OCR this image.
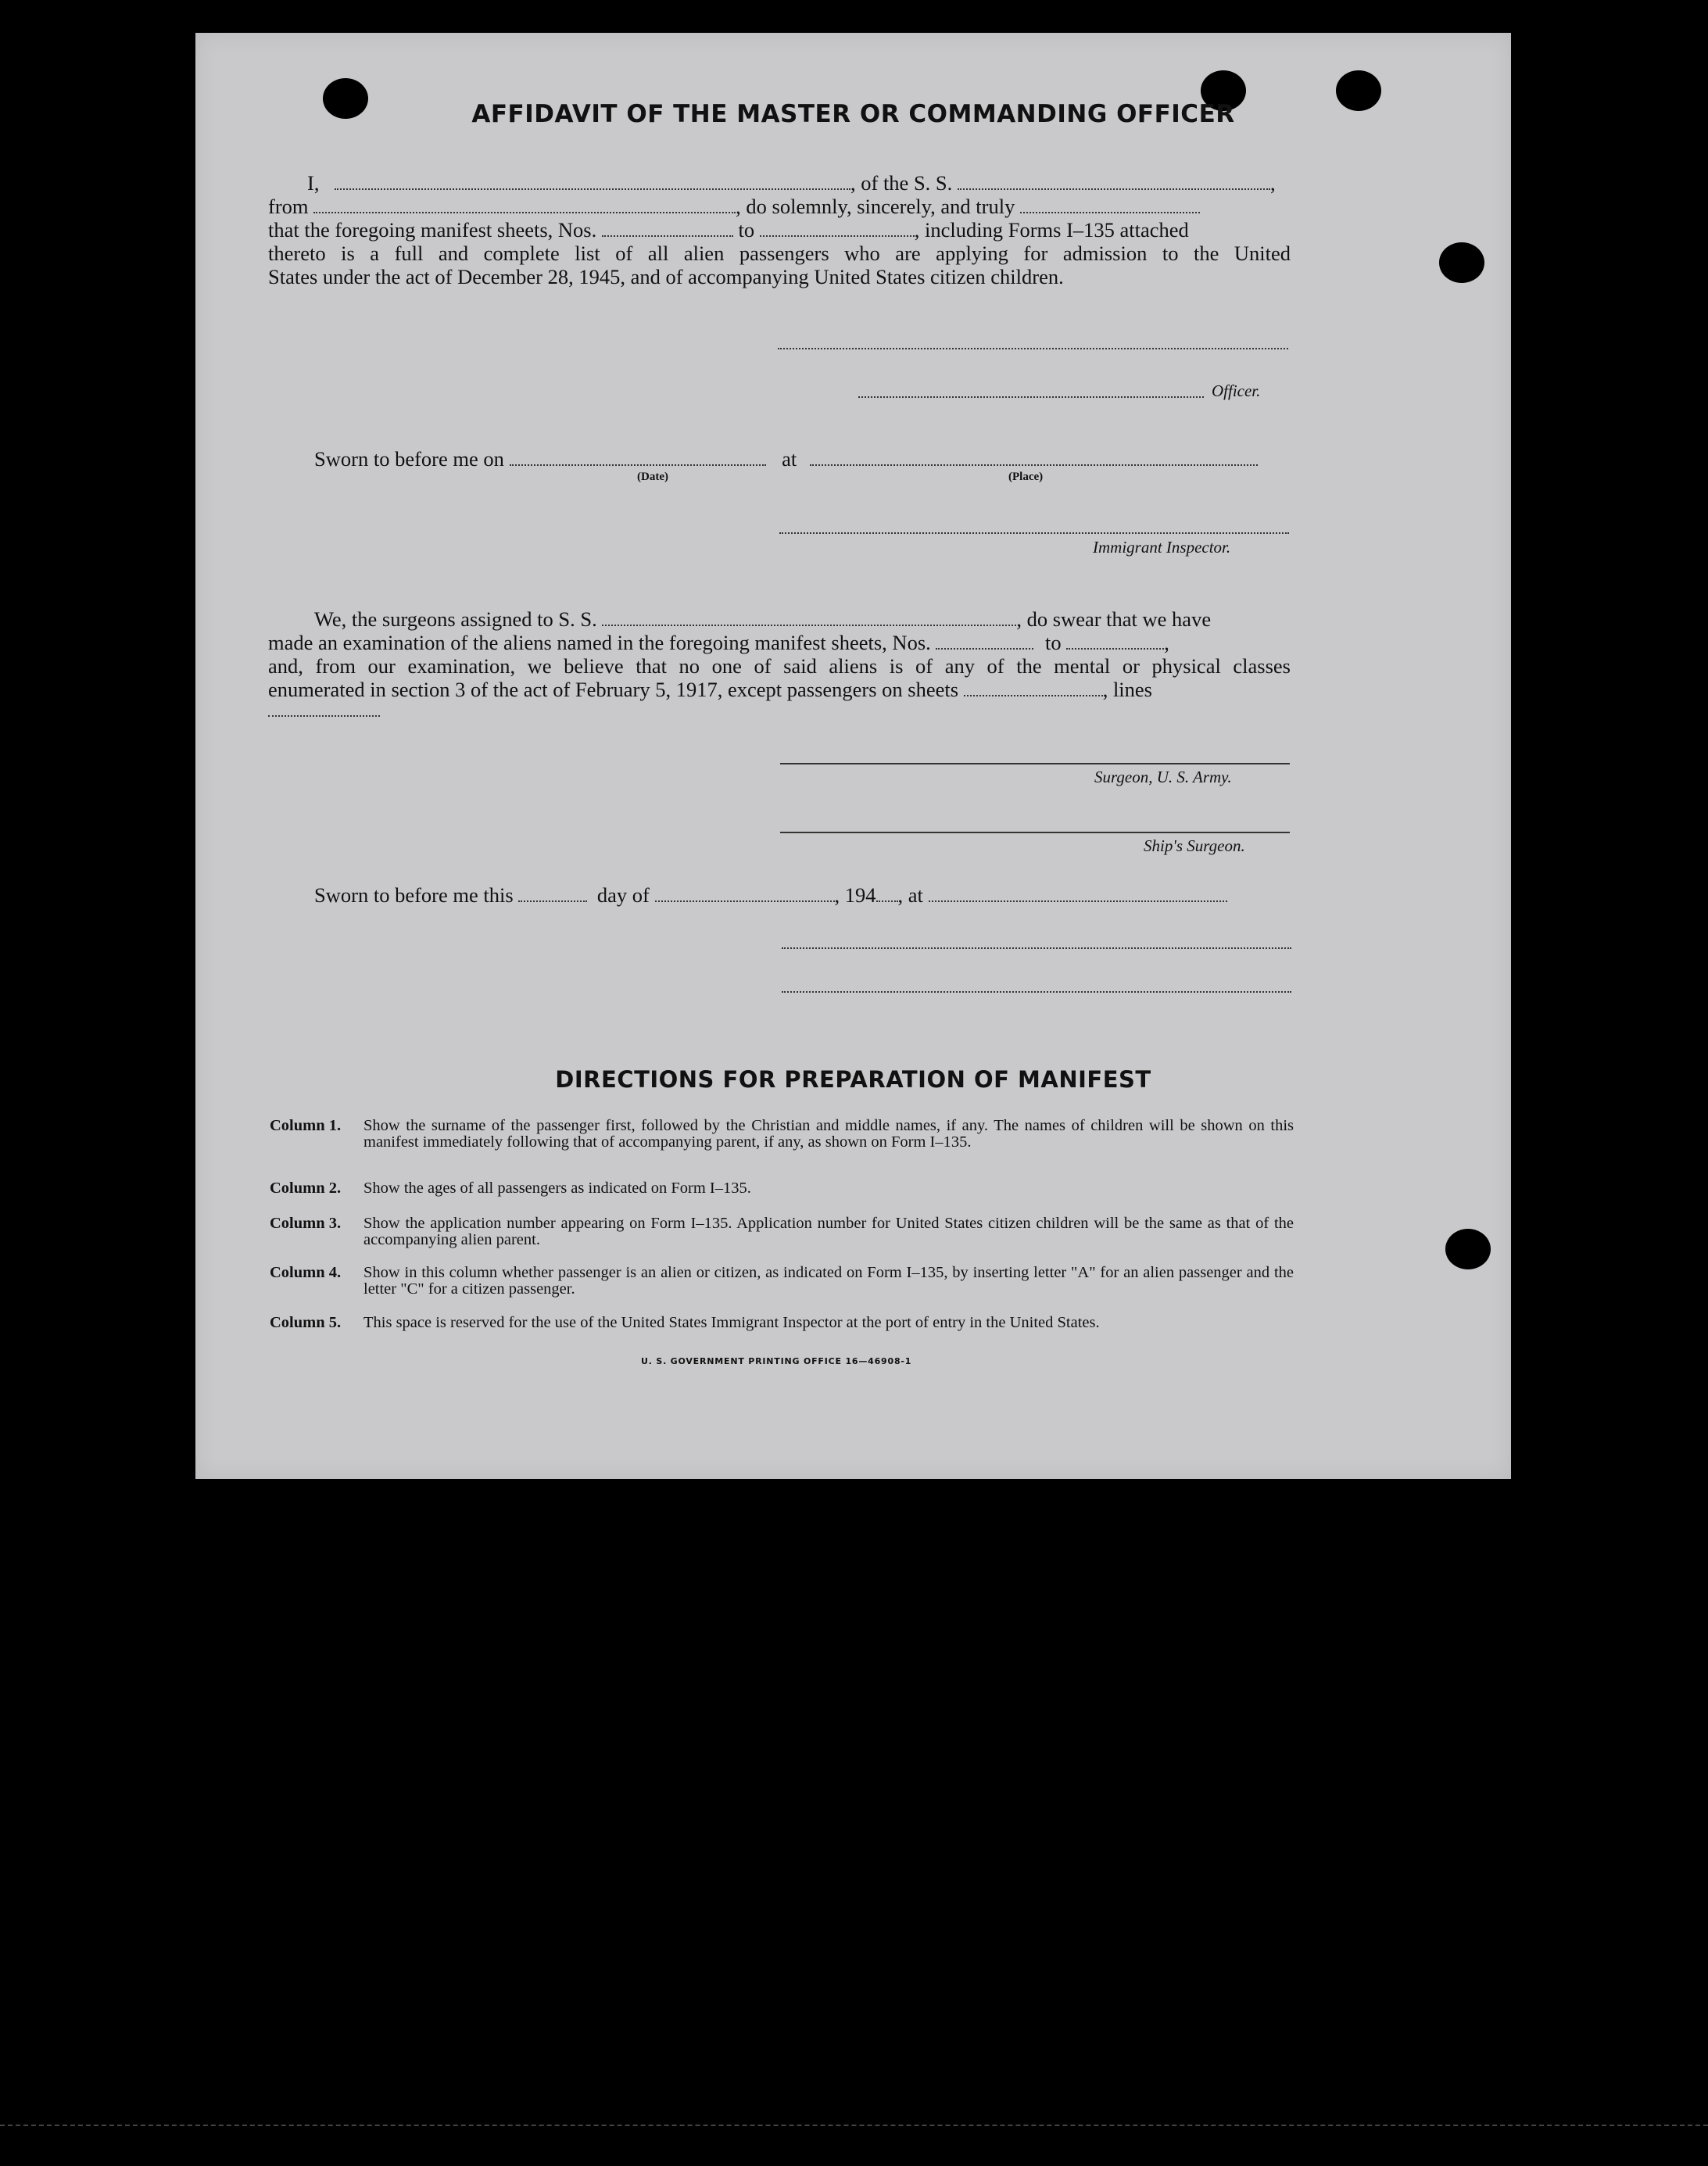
AFFIDAVIT OF THE MASTER OR COMMANDING OFFICER
I,	, of the S. S.	,
from	, do solemnly, sincerely, and truly
that the foregoing manifest sheets, Nos.	to	, including Forms I–135 attached
thereto is a full and complete list of all alien passengers who are applying for admission to the United
States under the act of December 28, 1945, and of accompanying United States citizen children.
Officer.
Sworn to before me on	at
(Date)	(Place)
Immigrant Inspector.
We, the surgeons assigned to S. S.	, do swear that we have
made an examination of the aliens named in the foregoing manifest sheets, Nos.	to	,
and, from our examination, we believe that no one of said aliens is of any of the mental or physical classes
enumerated in section 3 of the act of February 5, 1917, except passengers on sheets	, lines
Surgeon, U. S. Army.
Ship's Surgeon.
Sworn to before me this	day of	, 194 , at
DIRECTIONS FOR PREPARATION OF MANIFEST
Column 1.	Show the surname of the passenger first, followed by the Christian and middle names, if any. The names of children will be shown on this manifest immediately following that of accompanying parent, if any, as shown on Form I–135.
Column 2.	Show the ages of all passengers as indicated on Form I–135.
Column 3.	Show the application number appearing on Form I–135. Application number for United States citizen children will be the same as that of the accompanying alien parent.
Column 4.	Show in this column whether passenger is an alien or citizen, as indicated on Form I–135, by inserting letter "A" for an alien passenger and the letter "C" for a citizen passenger.
Column 5.	This space is reserved for the use of the United States Immigrant Inspector at the port of entry in the United States.
U. S. GOVERNMENT PRINTING OFFICE 16—46908-1
